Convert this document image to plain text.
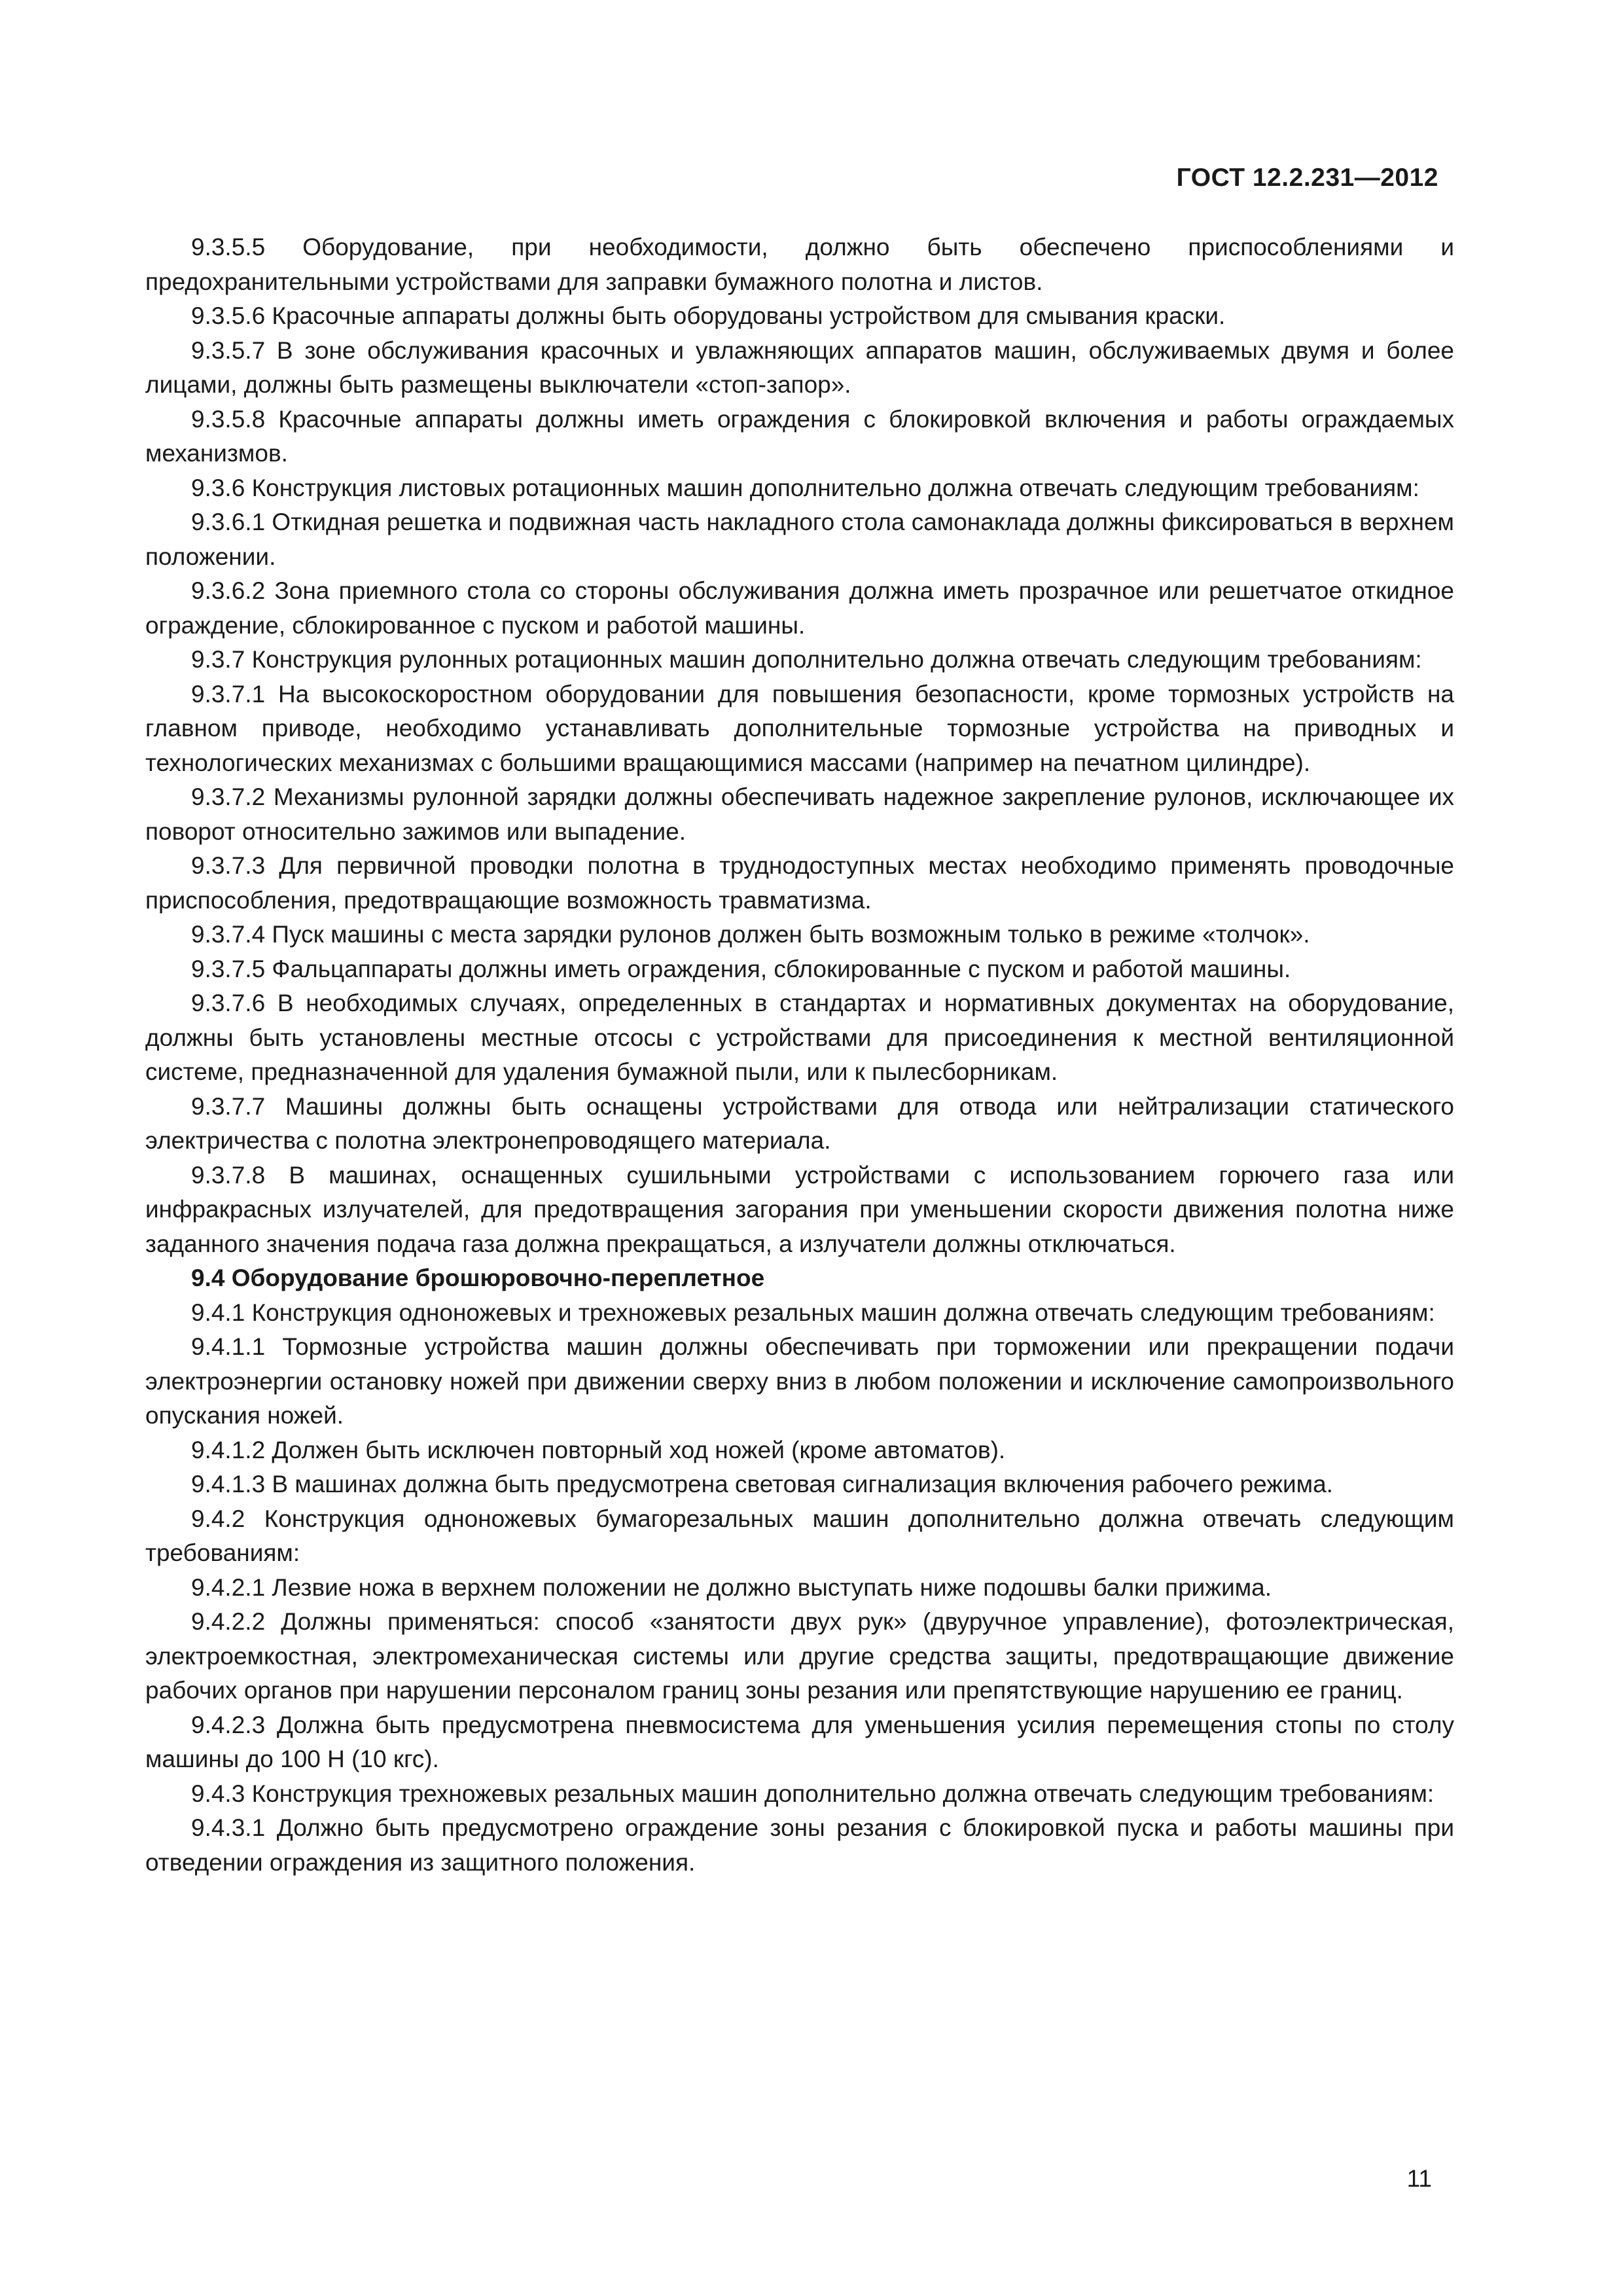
ГОСТ 12.2.231—2012

9.3.5.5 Оборудование, при необходимости, должно быть обеспечено приспособлениями и предохранительными устройствами для заправки бумажного полотна и листов.

9.3.5.6 Красочные аппараты должны быть оборудованы устройством для смывания краски.

9.3.5.7 В зоне обслуживания красочных и увлажняющих аппаратов машин, обслуживаемых двумя и более лицами, должны быть размещены выключатели «стоп-запор».

9.3.5.8 Красочные аппараты должны иметь ограждения с блокировкой включения и работы ограждаемых механизмов.

9.3.6 Конструкция листовых ротационных машин дополнительно должна отвечать следующим требованиям:

9.3.6.1 Откидная решетка и подвижная часть накладного стола самонаклада должны фиксироваться в верхнем положении.

9.3.6.2 Зона приемного стола со стороны обслуживания должна иметь прозрачное или решетчатое откидное ограждение, сблокированное с пуском и работой машины.

9.3.7 Конструкция рулонных ротационных машин дополнительно должна отвечать следующим требованиям:

9.3.7.1 На высокоскоростном оборудовании для повышения безопасности, кроме тормозных устройств на главном приводе, необходимо устанавливать дополнительные тормозные устройства на приводных и технологических механизмах с большими вращающимися массами (например на печатном цилиндре).

9.3.7.2 Механизмы рулонной зарядки должны обеспечивать надежное закрепление рулонов, исключающее их поворот относительно зажимов или выпадение.

9.3.7.3 Для первичной проводки полотна в труднодоступных местах необходимо применять проводочные приспособления, предотвращающие возможность травматизма.

9.3.7.4 Пуск машины с места зарядки рулонов должен быть возможным только в режиме «толчок».

9.3.7.5 Фальцаппараты должны иметь ограждения, сблокированные с пуском и работой машины.

9.3.7.6 В необходимых случаях, определенных в стандартах и нормативных документах на оборудование, должны быть установлены местные отсосы с устройствами для присоединения к местной вентиляционной системе, предназначенной для удаления бумажной пыли, или к пылесборникам.

9.3.7.7 Машины должны быть оснащены устройствами для отвода или нейтрализации статического электричества с полотна электронепроводящего материала.

9.3.7.8 В машинах, оснащенных сушильными устройствами с использованием горючего газа или инфракрасных излучателей, для предотвращения загорания при уменьшении скорости движения полотна ниже заданного значения подача газа должна прекращаться, а излучатели должны отключаться.

9.4 Оборудование брошюровочно-переплетное

9.4.1 Конструкция одноножевых и трехножевых резальных машин должна отвечать следующим требованиям:

9.4.1.1 Тормозные устройства машин должны обеспечивать при торможении или прекращении подачи электроэнергии остановку ножей при движении сверху вниз в любом положении и исключение самопроизвольного опускания ножей.

9.4.1.2 Должен быть исключен повторный ход ножей (кроме автоматов).

9.4.1.3 В машинах должна быть предусмотрена световая сигнализация включения рабочего режима.

9.4.2 Конструкция одноножевых бумагорезальных машин дополнительно должна отвечать следующим требованиям:

9.4.2.1 Лезвие ножа в верхнем положении не должно выступать ниже подошвы балки прижима.

9.4.2.2 Должны применяться: способ «занятости двух рук» (двуручное управление), фотоэлектрическая, электроемкостная, электромеханическая системы или другие средства защиты, предотвращающие движение рабочих органов при нарушении персоналом границ зоны резания или препятствующие нарушению ее границ.

9.4.2.3 Должна быть предусмотрена пневмосистема для уменьшения усилия перемещения стопы по столу машины до 100 Н (10 кгс).

9.4.3 Конструкция трехножевых резальных машин дополнительно должна отвечать следующим требованиям:

9.4.3.1 Должно быть предусмотрено ограждение зоны резания с блокировкой пуска и работы машины при отведении ограждения из защитного положения.

11
